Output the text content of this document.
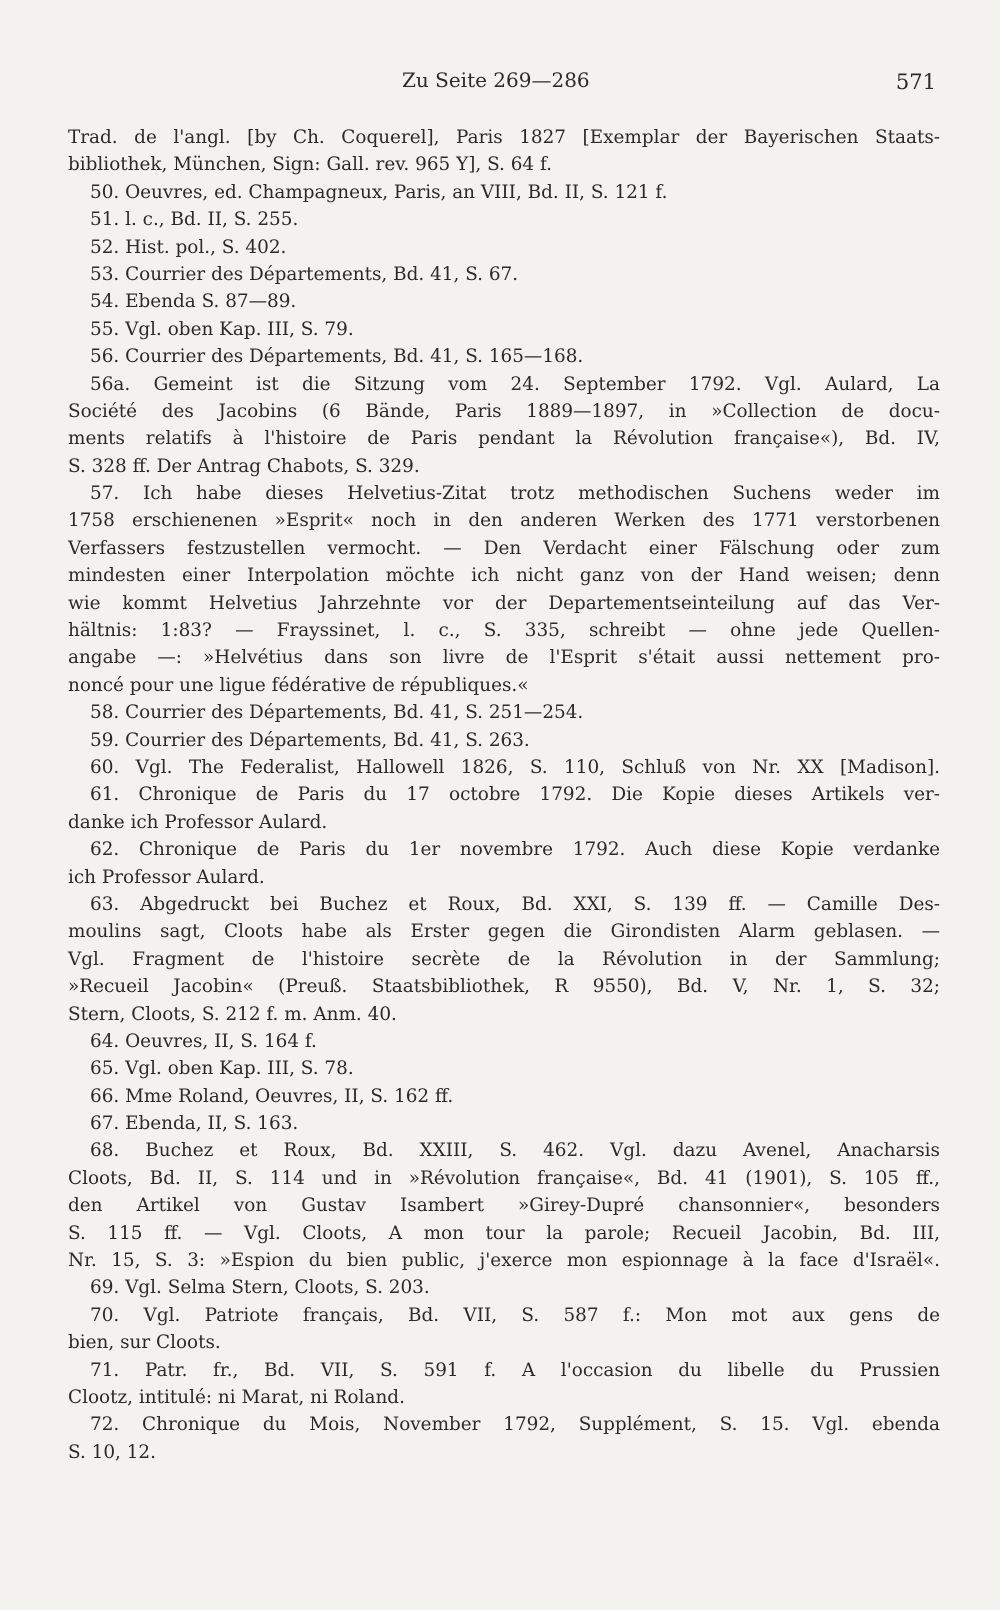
Zu Seite 269—286	571
Trad. de l'angl. [by Ch. Coquerel], Paris 1827 [Exemplar der Bayerischen Staats-
bibliothek, München, Sign: Gall. rev. 965 Y], S. 64 f.
50. Oeuvres, ed. Champagneux, Paris, an VIII, Bd. II, S. 121 f.
51. l. c., Bd. II, S. 255.
52. Hist. pol., S. 402.
53. Courrier des Départements, Bd. 41, S. 67.
54. Ebenda S. 87—89.
55. Vgl. oben Kap. III, S. 79.
56. Courrier des Départements, Bd. 41, S. 165—168.
56a. Gemeint ist die Sitzung vom 24. September 1792. Vgl. Aulard, La
Société des Jacobins (6 Bände, Paris 1889—1897, in »Collection de docu-
ments relatifs à l'histoire de Paris pendant la Révolution française«), Bd. IV,
S. 328 ff. Der Antrag Chabots, S. 329.
57. Ich habe dieses Helvetius-Zitat trotz methodischen Suchens weder im
1758 erschienenen »Esprit« noch in den anderen Werken des 1771 verstorbenen
Verfassers festzustellen vermocht. — Den Verdacht einer Fälschung oder zum
mindesten einer Interpolation möchte ich nicht ganz von der Hand weisen; denn
wie kommt Helvetius Jahrzehnte vor der Departementseinteilung auf das Ver-
hältnis: 1:83? — Frayssinet, l. c., S. 335, schreibt — ohne jede Quellen-
angabe —: »Helvétius dans son livre de l'Esprit s'était aussi nettement pro-
noncé pour une ligue fédérative de républiques.«
58. Courrier des Départements, Bd. 41, S. 251—254.
59. Courrier des Départements, Bd. 41, S. 263.
60. Vgl. The Federalist, Hallowell 1826, S. 110, Schluß von Nr. XX [Madison].
61. Chronique de Paris du 17 octobre 1792. Die Kopie dieses Artikels ver-
danke ich Professor Aulard.
62. Chronique de Paris du 1er novembre 1792. Auch diese Kopie verdanke
ich Professor Aulard.
63. Abgedruckt bei Buchez et Roux, Bd. XXI, S. 139 ff. — Camille Des-
moulins sagt, Cloots habe als Erster gegen die Girondisten Alarm geblasen. —
Vgl. Fragment de l'histoire secrète de la Révolution in der Sammlung;
»Recueil Jacobin« (Preuß. Staatsbibliothek, R 9550), Bd. V, Nr. 1, S. 32;
Stern, Cloots, S. 212 f. m. Anm. 40.
64. Oeuvres, II, S. 164 f.
65. Vgl. oben Kap. III, S. 78.
66. Mme Roland, Oeuvres, II, S. 162 ff.
67. Ebenda, II, S. 163.
68. Buchez et Roux, Bd. XXIII, S. 462. Vgl. dazu Avenel, Anacharsis
Cloots, Bd. II, S. 114 und in »Révolution française«, Bd. 41 (1901), S. 105 ff.,
den Artikel von Gustav Isambert »Girey-Dupré chansonnier«, besonders
S. 115 ff. — Vgl. Cloots, A mon tour la parole; Recueil Jacobin, Bd. III,
Nr. 15, S. 3: »Espion du bien public, j'exerce mon espionnage à la face d'Israël«.
69. Vgl. Selma Stern, Cloots, S. 203.
70. Vgl. Patriote français, Bd. VII, S. 587 f.: Mon mot aux gens de
bien, sur Cloots.
71. Patr. fr., Bd. VII, S. 591 f. A l'occasion du libelle du Prussien
Clootz, intitulé: ni Marat, ni Roland.
72. Chronique du Mois, November 1792, Supplément, S. 15. Vgl. ebenda
S. 10, 12.
